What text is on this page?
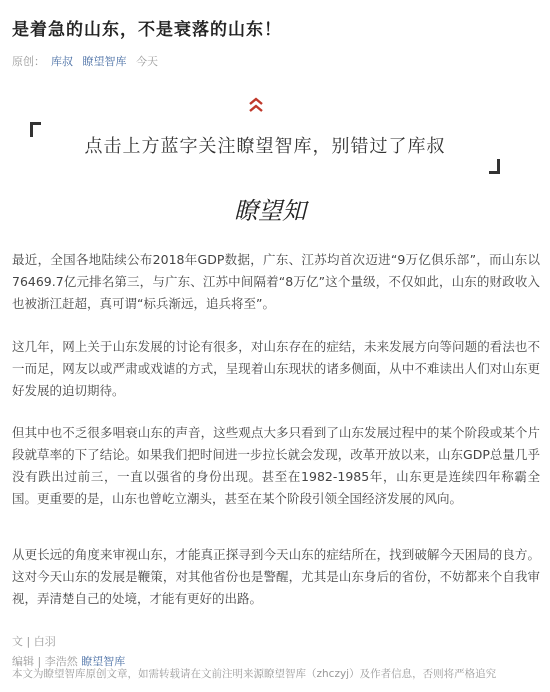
是着急的山东，不是衰落的山东！
原创： 库叔 瞭望智库 今天
点击上方蓝字关注瞭望智库，别错过了库叔
瞭望知

最近，全国各地陆续公布2018年GDP数据，广东、江苏均首次迈进“9万亿俱乐部”，而山东以76469.7亿元排名第三，与广东、江苏中间隔着“8万亿”这个量级，不仅如此，山东的财政收入也被浙江赶超，真可谓“标兵渐远，追兵将至”。

这几年，网上关于山东发展的讨论有很多，对山东存在的症结，未来发展方向等问题的看法也不一而足，网友以或严肃或戏谑的方式，呈现着山东现状的诸多侧面，从中不难读出人们对山东更好发展的迫切期待。

但其中也不乏很多唱衰山东的声音，这些观点大多只看到了山东发展过程中的某个阶段或某个片段就草率的下了结论。如果我们把时间进一步拉长就会发现，改革开放以来，山东GDP总量几乎没有跌出过前三，一直以强省的身份出现。甚至在1982-1985年，山东更是连续四年称霸全国。更重要的是，山东也曾屹立潮头，甚至在某个阶段引领全国经济发展的风向。

从更长远的角度来审视山东，才能真正探寻到今天山东的症结所在，找到破解今天困局的良方。这对今天山东的发展是鞭策，对其他省份也是警醒，尤其是山东身后的省份，不妨都来个自我审视，弄清楚自己的处境，才能有更好的出路。

文 | 白羽
编辑 | 李浩然 瞭望智库
本文为瞭望智库原创文章，如需转载请在文前注明来源瞭望智库（zhczyj）及作者信息，否则将严格追究
